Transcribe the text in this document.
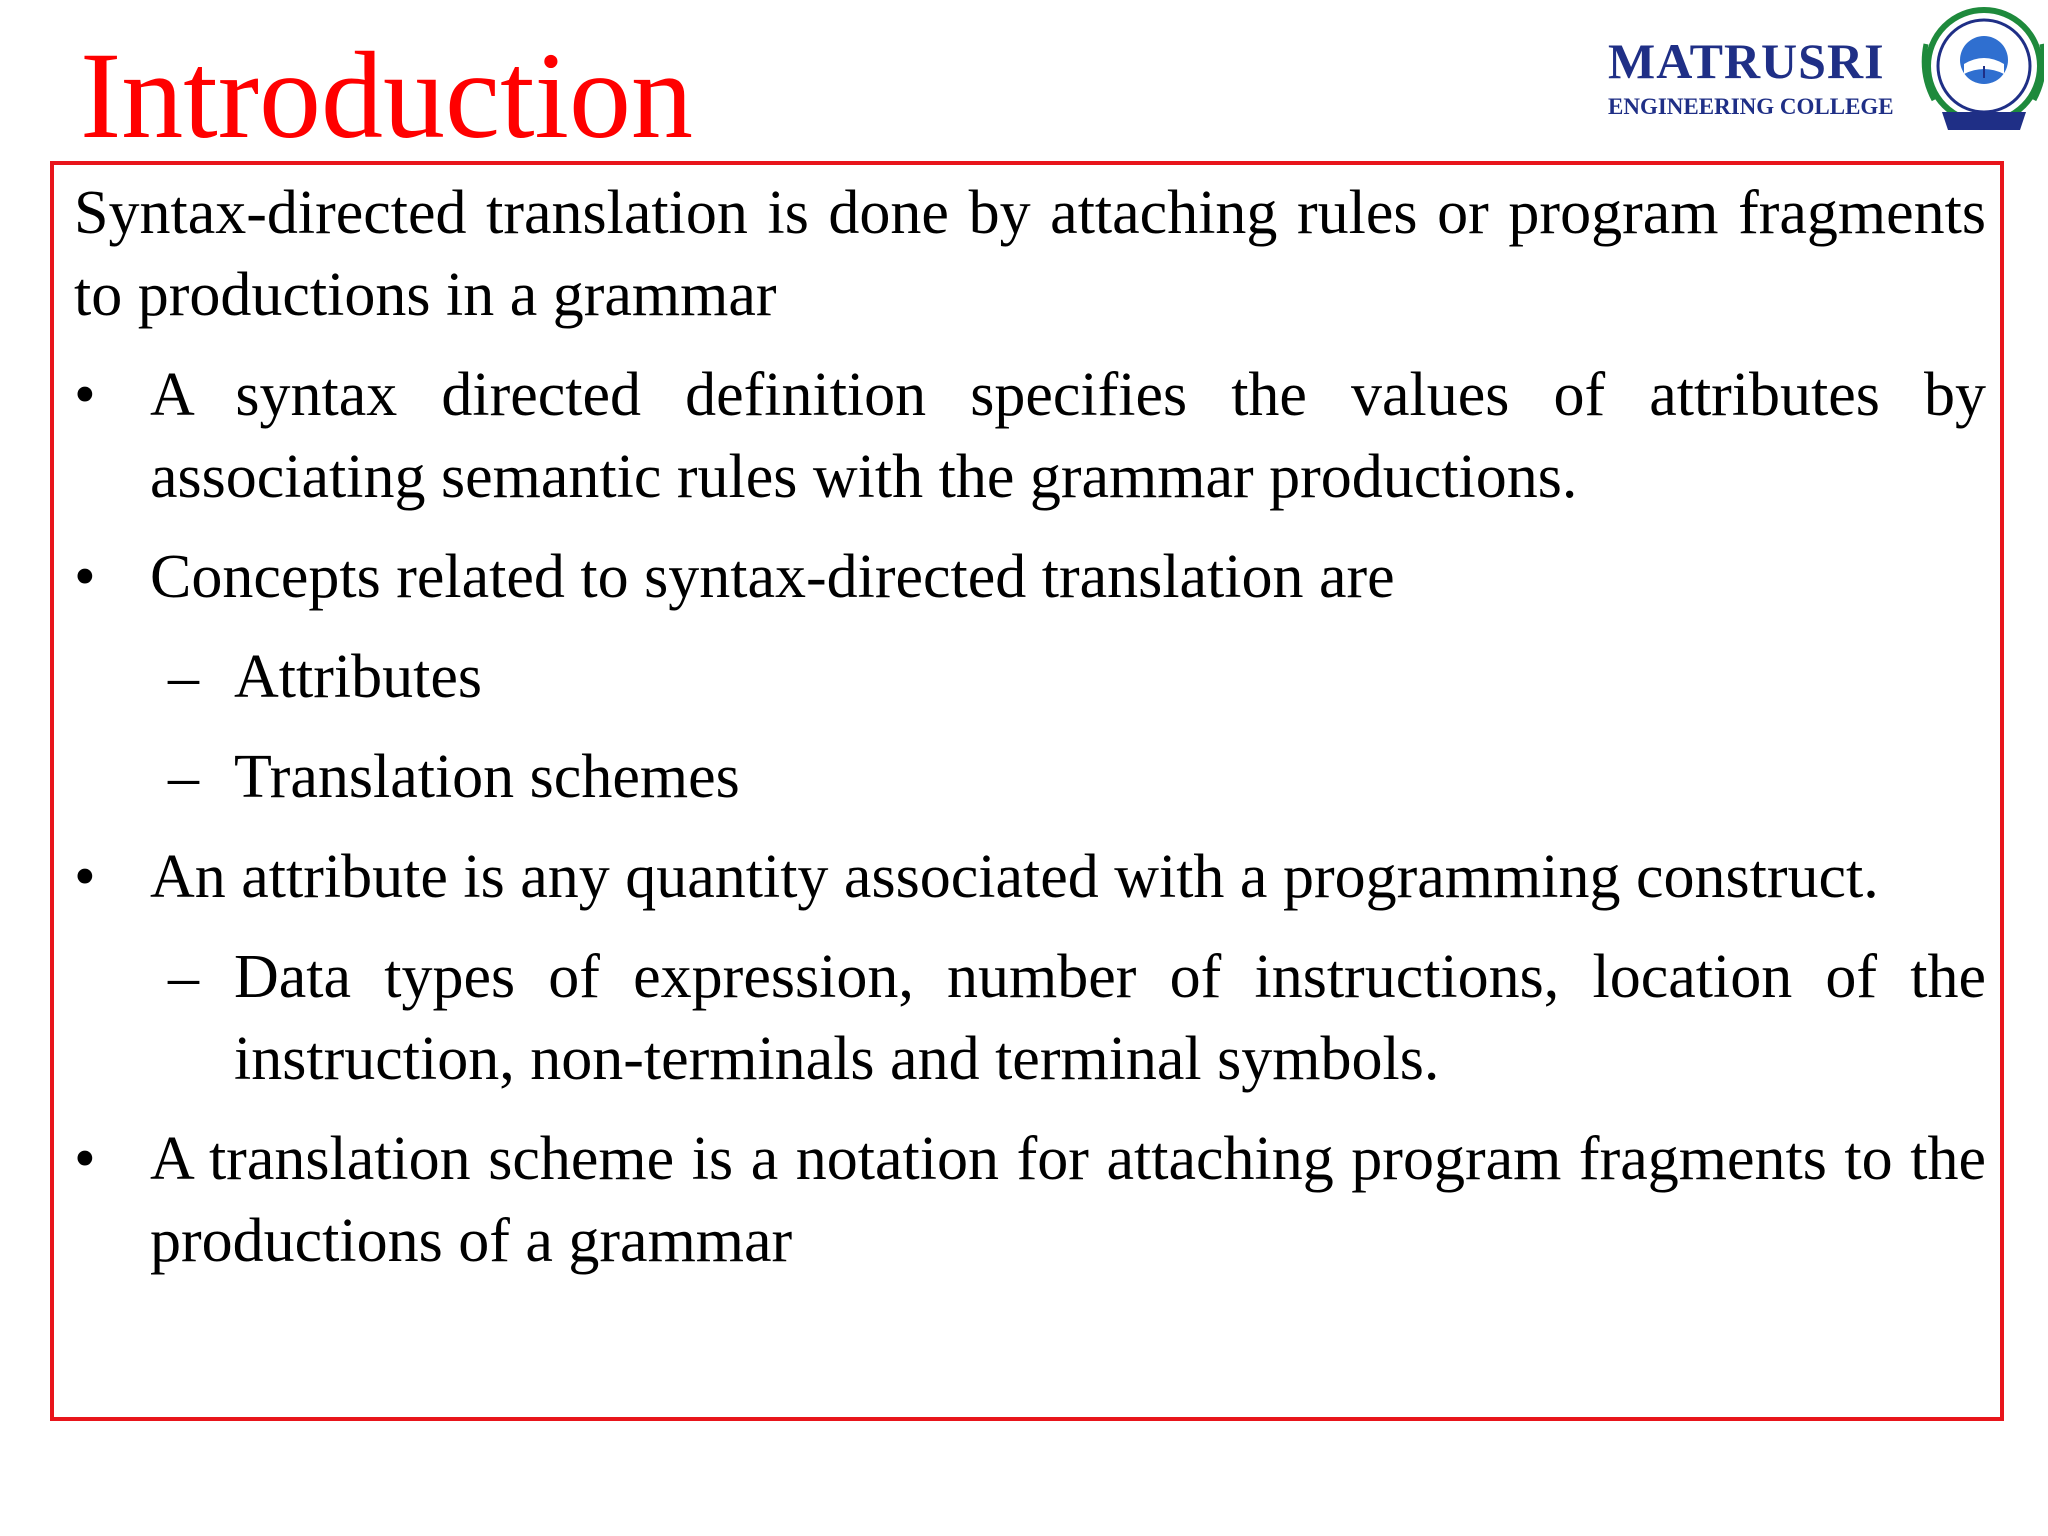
Introduction	MATRUSRI
ENGINEERING COLLEGE

Syntax-directed translation is done by attaching rules or program fragments to productions in a grammar

• A syntax directed definition specifies the values of attributes by associating semantic rules with the grammar productions.
• Concepts related to syntax-directed translation are
– Attributes
– Translation schemes
• An attribute is any quantity associated with a programming construct.
– Data types of expression, number of instructions, location of the instruction, non-terminals and terminal symbols.
• A translation scheme is a notation for attaching program fragments to the productions of a grammar
